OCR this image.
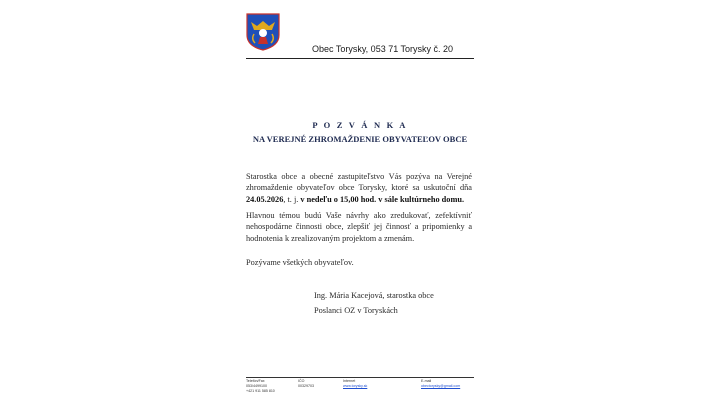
Obec Torysky, 053 71 Torysky č. 20
P O Z V Á N K A
NA VEREJNÉ ZHROMAŽDENIE OBYVATEĽOV OBCE
Starostka obce a obecné zastupiteľstvo Vás pozýva na Verejné zhromaždenie obyvateľov obce Torysky, ktoré sa uskutoční dňa 24.05.2026, t. j. v nedeľu o 15,00 hod. v sále kultúrneho domu.
Hlavnou témou budú Vaše návrhy ako zredukovať, zefektívniť nehospodárne činnosti obce, zlepšiť jej činnosť a pripomienky a hodnotenia k zrealizovaným projektom a zmenám.
Pozývame všetkých obyvateľov.
Ing. Mária Kacejová, starostka obce
Poslanci OZ v Toryskách
Telefón/Fax
053/4499100
+421 911 585 810
IČO
00329703
Internet
www.torysky.sk
E-mail
obectorysky@gmail.com
